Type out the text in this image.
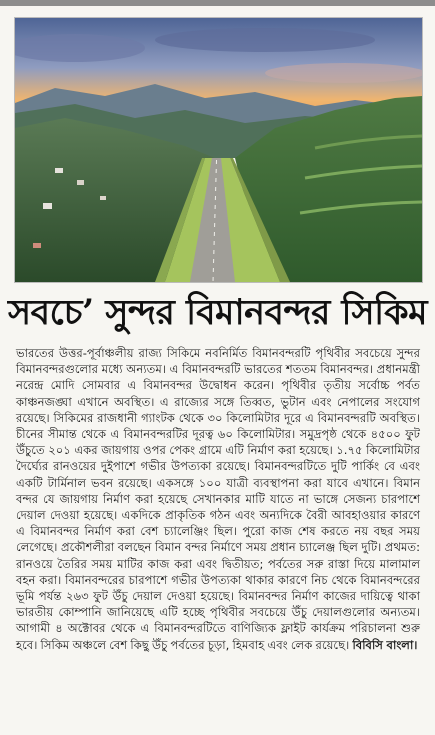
সবচে’ সুন্দর বিমানবন্দর সিকিম
ভারতের উত্তর-পূর্বাঞ্চলীয় রাজ্য সিকিমে নবনির্মিত বিমানবন্দরটি পৃথিবীর সবচেয়ে সুন্দর বিমানবন্দরগুলোর মধ্যে অন্যতম। এ বিমানবন্দরটি ভারতের শততম বিমানবন্দর। প্রধানমন্ত্রী নরেন্দ্র মোদি সোমবার এ বিমানবন্দর উদ্বোধন করেন। পৃথিবীর তৃতীয় সর্বোচ্চ পর্বত কাঞ্চনজঙ্ঘা এখানে অবস্থিত। এ রাজ্যের সঙ্গে তিব্বত, ভুটান এবং নেপালের সংযোগ রয়েছে। সিকিমের রাজধানী গ্যাংটক থেকে ৩০ কিলোমিটার দূরে এ বিমানবন্দরটি অবস্থিত। চীনের সীমান্ত থেকে এ বিমানবন্দরটির দূরত্ব ৬০ কিলোমিটার। সমুদ্রপৃষ্ঠ থেকে ৪৫০০ ফুট উঁচুতে ২০১ একর জায়গায় ওপর পেকং গ্রামে এটি নির্মাণ করা হয়েছে। ১.৭৫ কিলোমিটার দৈর্ঘ্যের রানওয়ের দুইপাশে গভীর উপত্যকা রয়েছে। বিমানবন্দরটিতে দুটি পার্কিং বে এবং একটি টার্মিনাল ভবন রয়েছে। একসঙ্গে ১০০ যাত্রী ব্যবস্থাপনা করা যাবে এখানে। বিমান বন্দর যে জায়গায় নির্মাণ করা হয়েছে সেখানকার মাটি যাতে না ভাঙ্গে সেজন্য চারপাশে দেয়াল দেওয়া হয়েছে। একদিকে প্রাকৃতিক গঠন এবং অন্যদিকে বৈরী আবহাওয়ার কারণে এ বিমানবন্দর নির্মাণ করা বেশ চ্যালেঞ্জিং ছিল। পুরো কাজ শেষ করতে নয় বছর সময় লেগেছে। প্রকৌশলীরা বলছেন বিমান বন্দর নির্মাণে সময় প্রধান চ্যালেঞ্জ ছিল দুটি। প্রথমত: রানওয়ে তৈরির সময় মাটির কাজ করা এবং দ্বিতীয়ত; পর্বতের সরু রাস্তা দিয়ে মালামাল বহন করা। বিমানবন্দরের চারপাশে গভীর উপত্যকা থাকার কারণে নিচ থেকে বিমানবন্দরের ভূমি পর্যন্ত ২৬৩ ফুট উঁচু দেয়াল দেওয়া হয়েছে। বিমানবন্দর নির্মাণ কাজের দায়িত্বে থাকা ভারতীয় কোম্পানি জানিয়েছে এটি হচ্ছে পৃথিবীর সবচেয়ে উঁচু দেয়ালগুলোর অন্যতম। আগামী ৪ অক্টোবর থেকে এ বিমানবন্দরটিতে বাণিজ্যিক ফ্লাইট কার্যক্রম পরিচালনা শুরু হবে। সিকিম অঞ্চলে বেশ কিছু উঁচু পর্বতের চূড়া, হিমবাহ এবং লেক রয়েছে। বিবিসি বাংলা।
